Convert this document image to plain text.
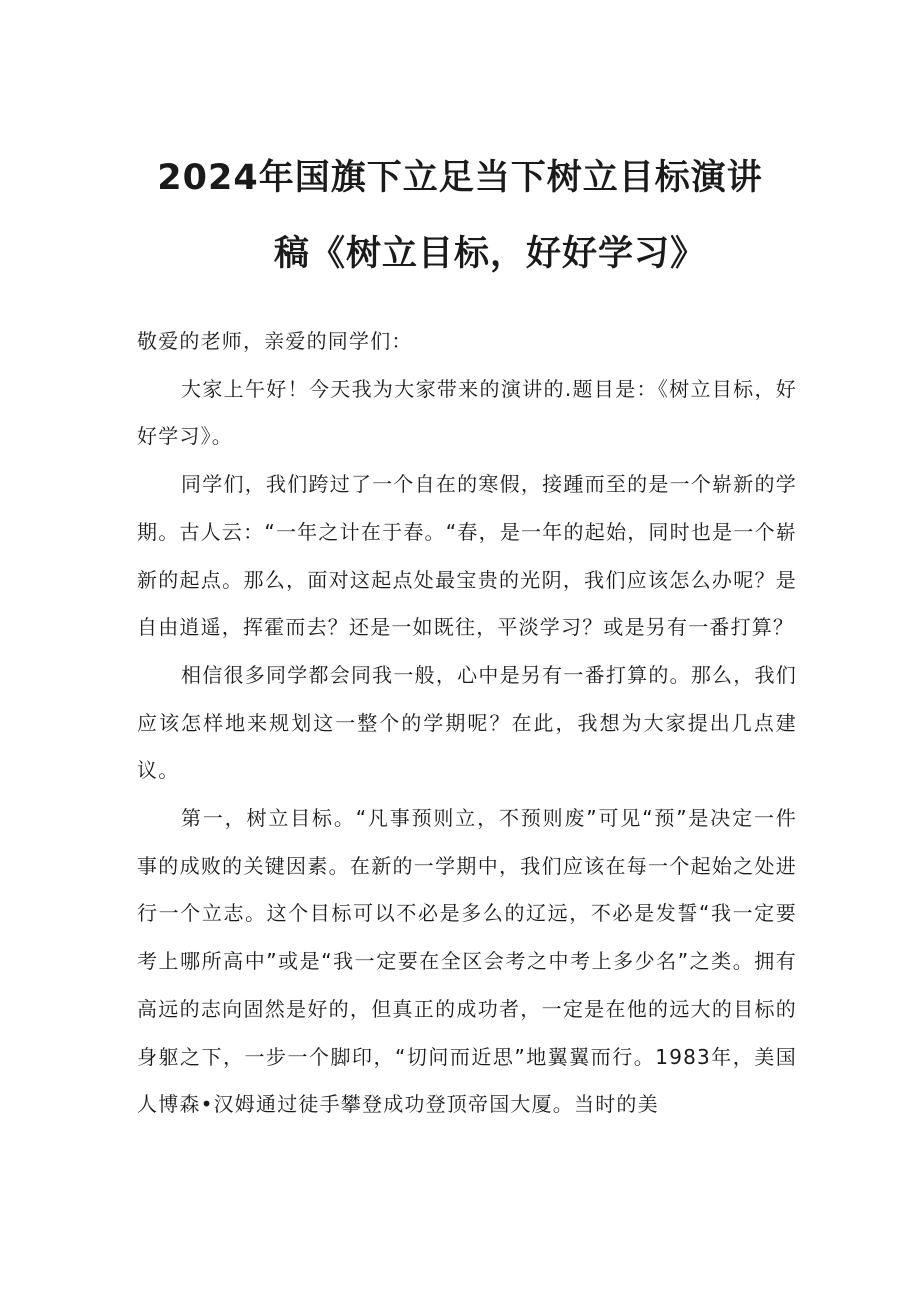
2024年国旗下立足当下树立目标演讲
稿《树立目标，好好学习》

敬爱的老师，亲爱的同学们：

大家上午好！今天我为大家带来的演讲的.题目是：《树立目标，好好学习》。

同学们，我们跨过了一个自在的寒假，接踵而至的是一个崭新的学期。古人云：“一年之计在于春。“春，是一年的起始，同时也是一个崭新的起点。那么，面对这起点处最宝贵的光阴，我们应该怎么办呢？是自由逍遥，挥霍而去？还是一如既往，平淡学习？或是另有一番打算？

相信很多同学都会同我一般，心中是另有一番打算的。那么，我们应该怎样地来规划这一整个的学期呢？在此，我想为大家提出几点建议。

第一，树立目标。“凡事预则立，不预则废”可见“预”是决定一件事的成败的关键因素。在新的一学期中，我们应该在每一个起始之处进行一个立志。这个目标可以不必是多么的辽远，不必是发誓“我一定要考上哪所高中”或是“我一定要在全区会考之中考上多少名”之类。拥有高远的志向固然是好的，但真正的成功者，一定是在他的远大的目标的身躯之下，一步一个脚印，“切问而近思”地翼翼而行。1983年，美国人博森•汉姆通过徒手攀登成功登顶帝国大厦。当时的美
